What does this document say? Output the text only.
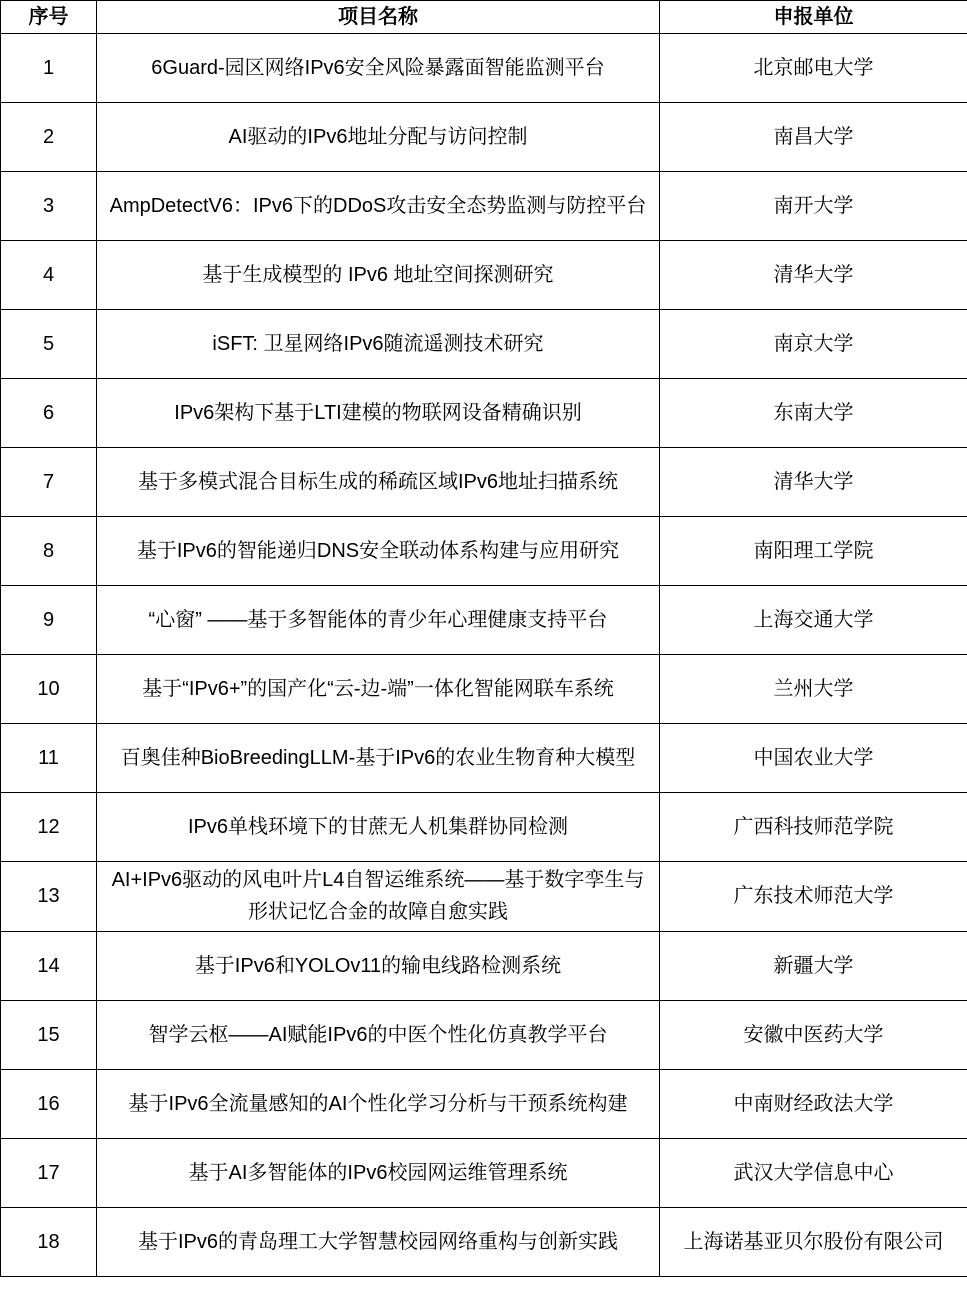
序号	项目名称	申报单位
1	6Guard-园区网络IPv6安全风险暴露面智能监测平台	北京邮电大学
2	AI驱动的IPv6地址分配与访问控制	南昌大学
3	AmpDetectV6：IPv6下的DDoS攻击安全态势监测与防控平台	南开大学
4	基于生成模型的 IPv6 地址空间探测研究	清华大学
5	iSFT: 卫星网络IPv6随流遥测技术研究	南京大学
6	IPv6架构下基于LTI建模的物联网设备精确识别	东南大学
7	基于多模式混合目标生成的稀疏区域IPv6地址扫描系统	清华大学
8	基于IPv6的智能递归DNS安全联动体系构建与应用研究	南阳理工学院
9	“心窗” ——基于多智能体的青少年心理健康支持平台	上海交通大学
10	基于“IPv6+”的国产化“云-边-端”一体化智能网联车系统	兰州大学
11	百奥佳种BioBreedingLLM-基于IPv6的农业生物育种大模型	中国农业大学
12	IPv6单栈环境下的甘蔗无人机集群协同检测	广西科技师范学院
13	AI+IPv6驱动的风电叶片L4自智运维系统——基于数字孪生与形状记忆合金的故障自愈实践	广东技术师范大学
14	基于IPv6和YOLOv11的输电线路检测系统	新疆大学
15	智学云枢——AI赋能IPv6的中医个性化仿真教学平台	安徽中医药大学
16	基于IPv6全流量感知的AI个性化学习分析与干预系统构建	中南财经政法大学
17	基于AI多智能体的IPv6校园网运维管理系统	武汉大学信息中心
18	基于IPv6的青岛理工大学智慧校园网络重构与创新实践	上海诺基亚贝尔股份有限公司
